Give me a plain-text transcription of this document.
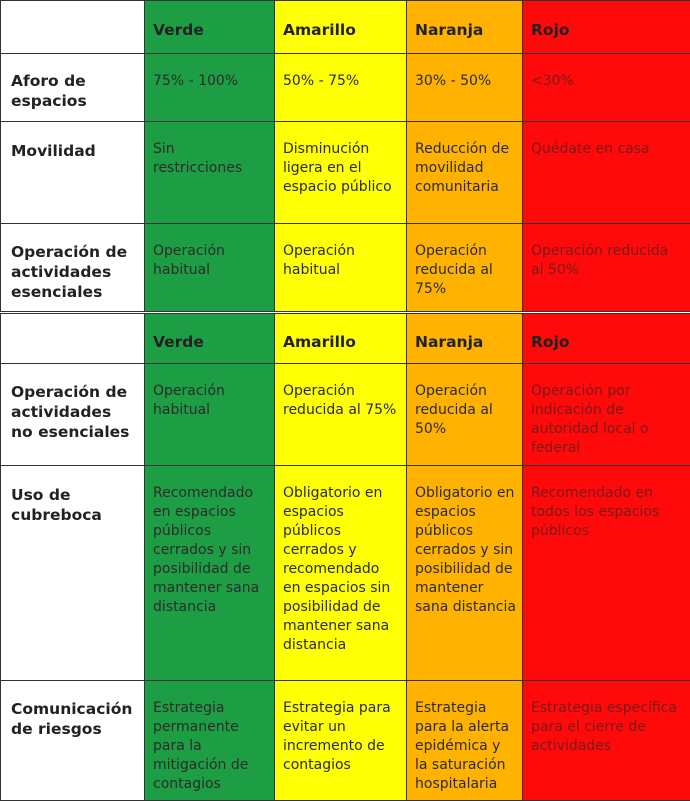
	Verde	Amarillo	Naranja	Rojo
Aforo de espacios	75% - 100%	50% - 75%	30% - 50%	<30%
Movilidad	Sin restricciones	Disminución ligera en el espacio público	Reducción de movilidad comunitaria	Quédate en casa
Operación de actividades esenciales	Operación habitual	Operación habitual	Operación reducida al 75%	Operación reducida al 50%
	Verde	Amarillo	Naranja	Rojo
Operación de actividades no esenciales	Operación habitual	Operación reducida al 75%	Operación reducida al 50%	Operación por indicación de autoridad local o federal
Uso de cubreboca	Recomendado en espacios públicos cerrados y sin posibilidad de mantener sana distancia	Obligatorio en espacios públicos cerrados y recomendado en espacios sin posibilidad de mantener sana distancia	Obligatorio en espacios públicos cerrados y sin posibilidad de mantener sana distancia	Recomendado en todos los espacios públicos
Comunicación de riesgos	Estrategia permanente para la mitigación de contagios	Estrategia para evitar un incremento de contagios	Estrategia para la alerta epidémica y la saturación hospitalaria	Estrategia específica para el cierre de actividades
